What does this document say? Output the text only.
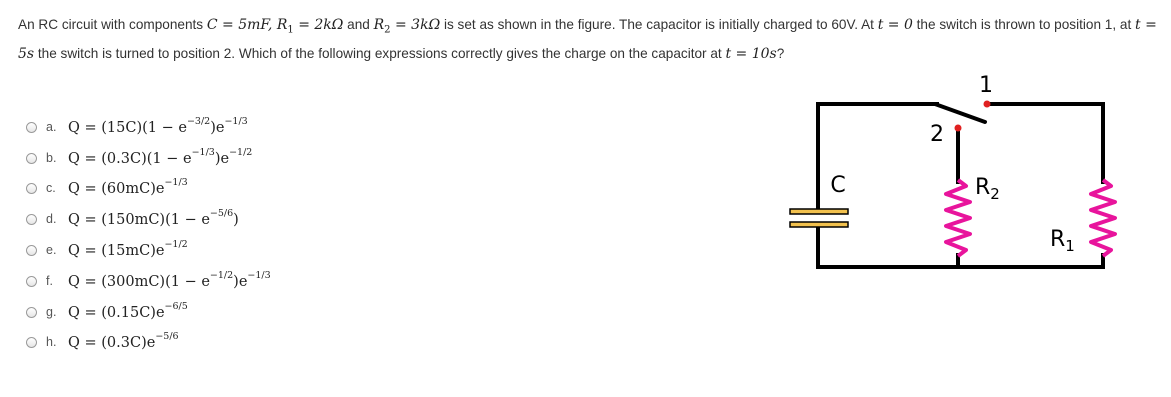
An RC circuit with components C = 5mF, $R_1 = 2k\Omega$ and $R_2 = 3k\Omega$ is set as shown in the figure. The capacitor is initially charged to 60V. At t = 0 the switch is thrown to position 1, at t = 5s the switch is turned to position 2. Which of the following expressions correctly gives the charge on the capacitor at t = 10s?
a. $Q = (15C)(1 - e^{-3/2})e^{-1/3}$
b. $Q = (0.3C)(1 - e^{-1/3})e^{-1/2}$
c. $Q = (60mC)e^{-1/3}$
d. $Q = (150mC)(1 - e^{-5/6})$
e. $Q = (15mC)e^{-1/2}$
f.	$Q = (300mC)(1 - e^{-1/2})e^{-1/3}$
g. $Q = (0.15C)e^{-6/5}$
h. $Q = (0.3C)e^{-5/6}$
1
2
C	$R_2$
$R_1$
